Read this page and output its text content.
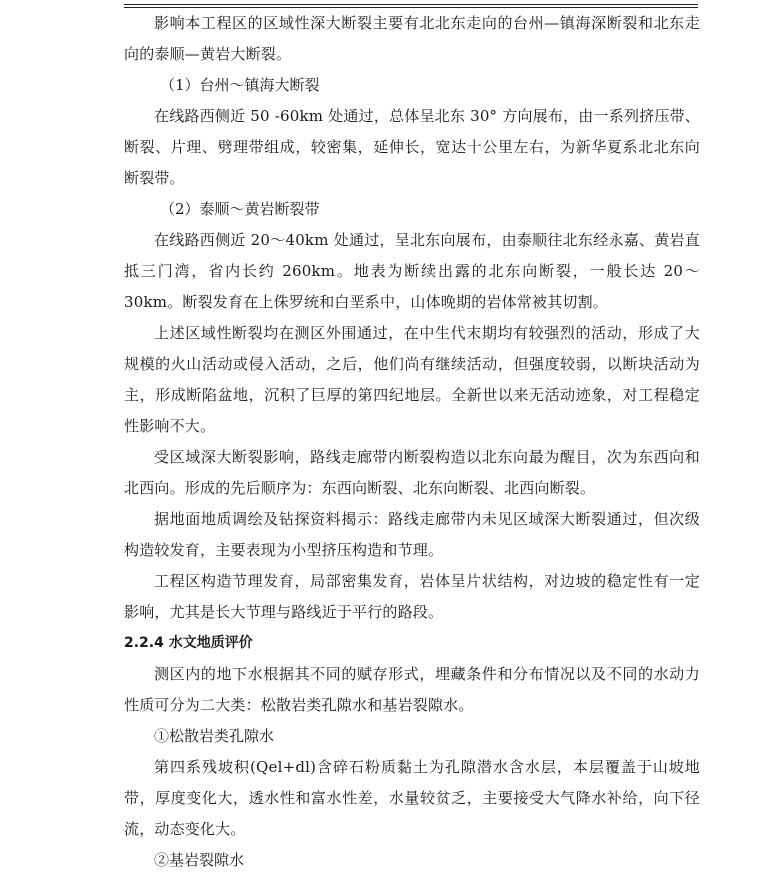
影响本工程区的区域性深大断裂主要有北北东走向的台州—镇海深断裂和北东走向的泰顺—黄岩大断裂。

（1）台州～镇海大断裂

在线路西侧近 50 -60km 处通过，总体呈北东 30° 方向展布，由一系列挤压带、断裂、片理、劈理带组成，较密集，延伸长，宽达十公里左右，为新华夏系北北东向断裂带。

（2）泰顺～黄岩断裂带

在线路西侧近 20～40km 处通过，呈北东向展布，由泰顺往北东经永嘉、黄岩直抵三门湾，省内长约 260km。地表为断续出露的北东向断裂，一般长达 20～30km。断裂发育在上侏罗统和白垩系中，山体晚期的岩体常被其切割。

上述区域性断裂均在测区外围通过，在中生代末期均有较强烈的活动，形成了大规模的火山活动或侵入活动，之后，他们尚有继续活动，但强度较弱，以断块活动为主，形成断陷盆地，沉积了巨厚的第四纪地层。全新世以来无活动迹象，对工程稳定性影响不大。

受区域深大断裂影响，路线走廊带内断裂构造以北东向最为醒目，次为东西向和北西向。形成的先后顺序为：东西向断裂、北东向断裂、北西向断裂。

据地面地质调绘及钻探资料揭示：路线走廊带内未见区域深大断裂通过，但次级构造较发育，主要表现为小型挤压构造和节理。

工程区构造节理发育，局部密集发育，岩体呈片状结构，对边坡的稳定性有一定影响，尤其是长大节理与路线近于平行的路段。

2.2.4 水文地质评价

测区内的地下水根据其不同的赋存形式，埋藏条件和分布情况以及不同的水动力性质可分为二大类：松散岩类孔隙水和基岩裂隙水。

①松散岩类孔隙水

第四系残坡积(Qel+dl)含碎石粉质黏土为孔隙潜水含水层，本层覆盖于山坡地带，厚度变化大，透水性和富水性差，水量较贫乏，主要接受大气降水补给，向下径流，动态变化大。

②基岩裂隙水
